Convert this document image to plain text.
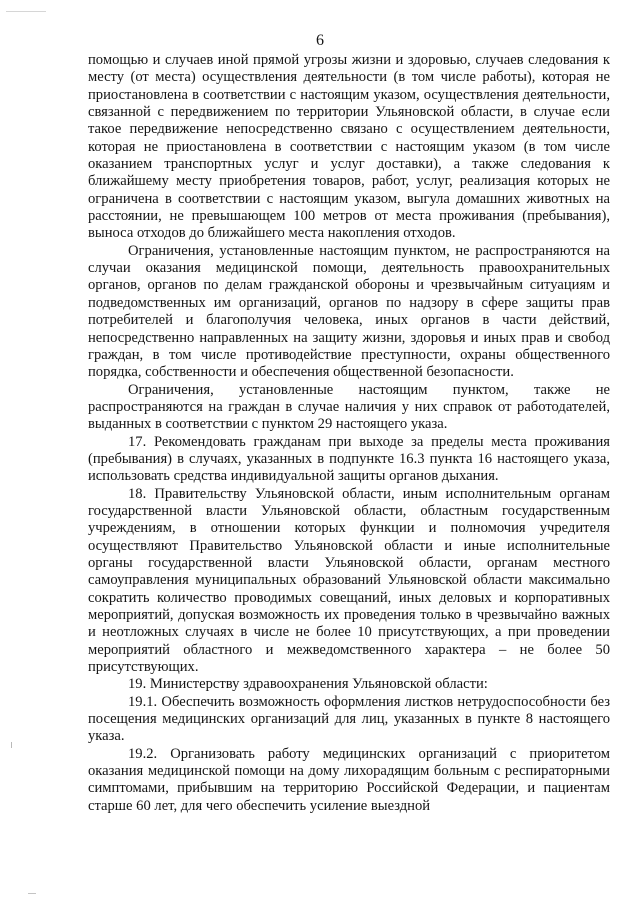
6

помощью и случаев иной прямой угрозы жизни и здоровью, случаев следования к месту (от места) осуществления деятельности (в том числе работы), которая не приостановлена в соответствии с настоящим указом, осуществления деятельности, связанной с передвижением по территории Ульяновской области, в случае если такое передвижение непосредственно связано с осуществлением деятельности, которая не приостановлена в соответствии с настоящим указом (в том числе оказанием транспортных услуг и услуг доставки), а также следования к ближайшему месту приобретения товаров, работ, услуг, реализация которых не ограничена в соответствии с настоящим указом, выгула домашних животных на расстоянии, не превышающем 100 метров от места проживания (пребывания), выноса отходов до ближайшего места накопления отходов.

Ограничения, установленные настоящим пунктом, не распространяются на случаи оказания медицинской помощи, деятельность правоохранительных органов, органов по делам гражданской обороны и чрезвычайным ситуациям и подведомственных им организаций, органов по надзору в сфере защиты прав потребителей и благополучия человека, иных органов в части действий, непосредственно направленных на защиту жизни, здоровья и иных прав и свобод граждан, в том числе противодействие преступности, охраны общественного порядка, собственности и обеспечения общественной безопасности.

Ограничения, установленные настоящим пунктом, также не распространяются на граждан в случае наличия у них справок от работодателей, выданных в соответствии с пунктом 29 настоящего указа.

17. Рекомендовать гражданам при выходе за пределы места проживания (пребывания) в случаях, указанных в подпункте 16.3 пункта 16 настоящего указа, использовать средства индивидуальной защиты органов дыхания.

18. Правительству Ульяновской области, иным исполнительным органам государственной власти Ульяновской области, областным государственным учреждениям, в отношении которых функции и полномочия учредителя осуществляют Правительство Ульяновской области и иные исполнительные органы государственной власти Ульяновской области, органам местного самоуправления муниципальных образований Ульяновской области максимально сократить количество проводимых совещаний, иных деловых и корпоративных мероприятий, допуская возможность их проведения только в чрезвычайно важных и неотложных случаях в числе не более 10 присутствующих, а при проведении мероприятий областного и межведомственного характера – не более 50 присутствующих.

19. Министерству здравоохранения Ульяновской области:

19.1. Обеспечить возможность оформления листков нетрудоспособности без посещения медицинских организаций для лиц, указанных в пункте 8 настоящего указа.

19.2. Организовать работу медицинских организаций с приоритетом оказания медицинской помощи на дому лихорадящим больным с респираторными симптомами, прибывшим на территорию Российской Федерации, и пациентам старше 60 лет, для чего обеспечить усиление выездной
